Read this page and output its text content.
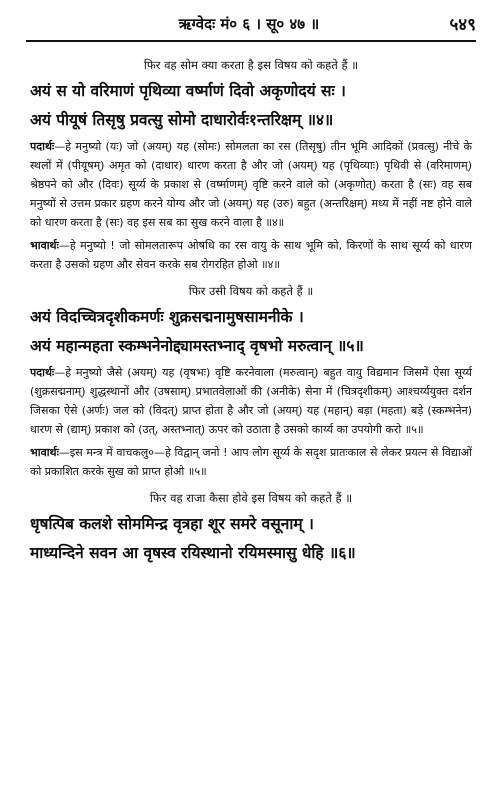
ऋग्वेदः मं० ६ । सू० ४७ ॥	५४९

फिर वह सोम क्या करता है इस विषय को कहते हैं ॥

अयं स यो वरिमाणं पृथिव्या वर्ष्माणं दिवो अकृणोदयं सः ।

अयं पीयूषं तिसृषु प्रवत्सु सोमो दाधारोर्वः१न्तरिक्षम् ॥४॥

पदार्थः—हे मनुष्यो (यः) जो (अयम्) यह (सोमः) सोमलता का रस (तिसृषु) तीन भूमि आदिकों (प्रवत्सु) नीचे के स्थलों में (पीयूषम्) अमृत को (दाधार) धारण करता है और जो (अयम्) यह (पृथिव्याः) पृथिवी से (वरिमाणम्) श्रेष्ठपने को और (दिवः) सूर्य्य के प्रकाश से (वर्ष्माणम्) वृष्टि करने वाले को (अकृणोत्) करता है (सः) वह सब मनुष्यों से उत्तम प्रकार ग्रहण करने योग्य और जो (अयम्) यह (उरु) बहुत (अन्तरिक्षम्) मध्य में नहीं नष्ट होने वाले को धारण करता है (सः) वह इस सब का सुख करने वाला है ॥४॥

भावार्थः—हे मनुष्यो ! जो सोमलतारूप ओषधि का रस वायु के साथ भूमि को, किरणों के साथ सूर्य्य को धारण करता है उसको ग्रहण और सेवन करके सब रोगरहित होओ ॥४॥

फिर उसी विषय को कहते हैं ॥

अयं विदच्चित्रदृशीकमर्णः शुक्रसद्मनामुषसामनीके ।

अयं महान्महता स्कम्भनेनोद्द्यामस्तभ्नाद् वृषभो मरुत्वान् ॥५॥

पदार्थः—हे मनुष्यो जैसे (अयम्) यह (वृषभः) वृष्टि करनेवाला (मरुत्वान्) बहुत वायु विद्यमान जिसमें ऐसा सूर्य्य (शुक्रसद्मनाम्) शुद्धस्थानों और (उषसाम्) प्रभातवेलाओं की (अनीके) सेना में (चित्रदृशीकम्) आश्चर्य्ययुक्त दर्शन जिसका ऐसे (अर्णः) जल को (विदत्) प्राप्त होता है और जो (अयम्) यह (महान्) बड़ा (महता) बड़े (स्कम्भनेन) धारण से (द्याम्) प्रकाश को (उत्, अस्तभ्नात्) ऊपर को उठाता है उसको कार्य्य का उपयोगी करो ॥५॥

भावार्थः—इस मन्त्र में वाचकलु०—हे विद्वान् जनो ! आप लोग सूर्य्य के सदृश प्रातःकाल से लेकर प्रयत्न से विद्याओं को प्रकाशित करके सुख को प्राप्त होओ ॥५॥

फिर वह राजा कैसा होवे इस विषय को कहते हैं ॥

धृषत्पिब कलशे सोममिन्द्र वृत्रहा शूर समरे वसूनाम् ।

माध्यन्दिने सवन आ वृषस्व रयिस्थानो रयिमस्मासु धेहि ॥६॥
